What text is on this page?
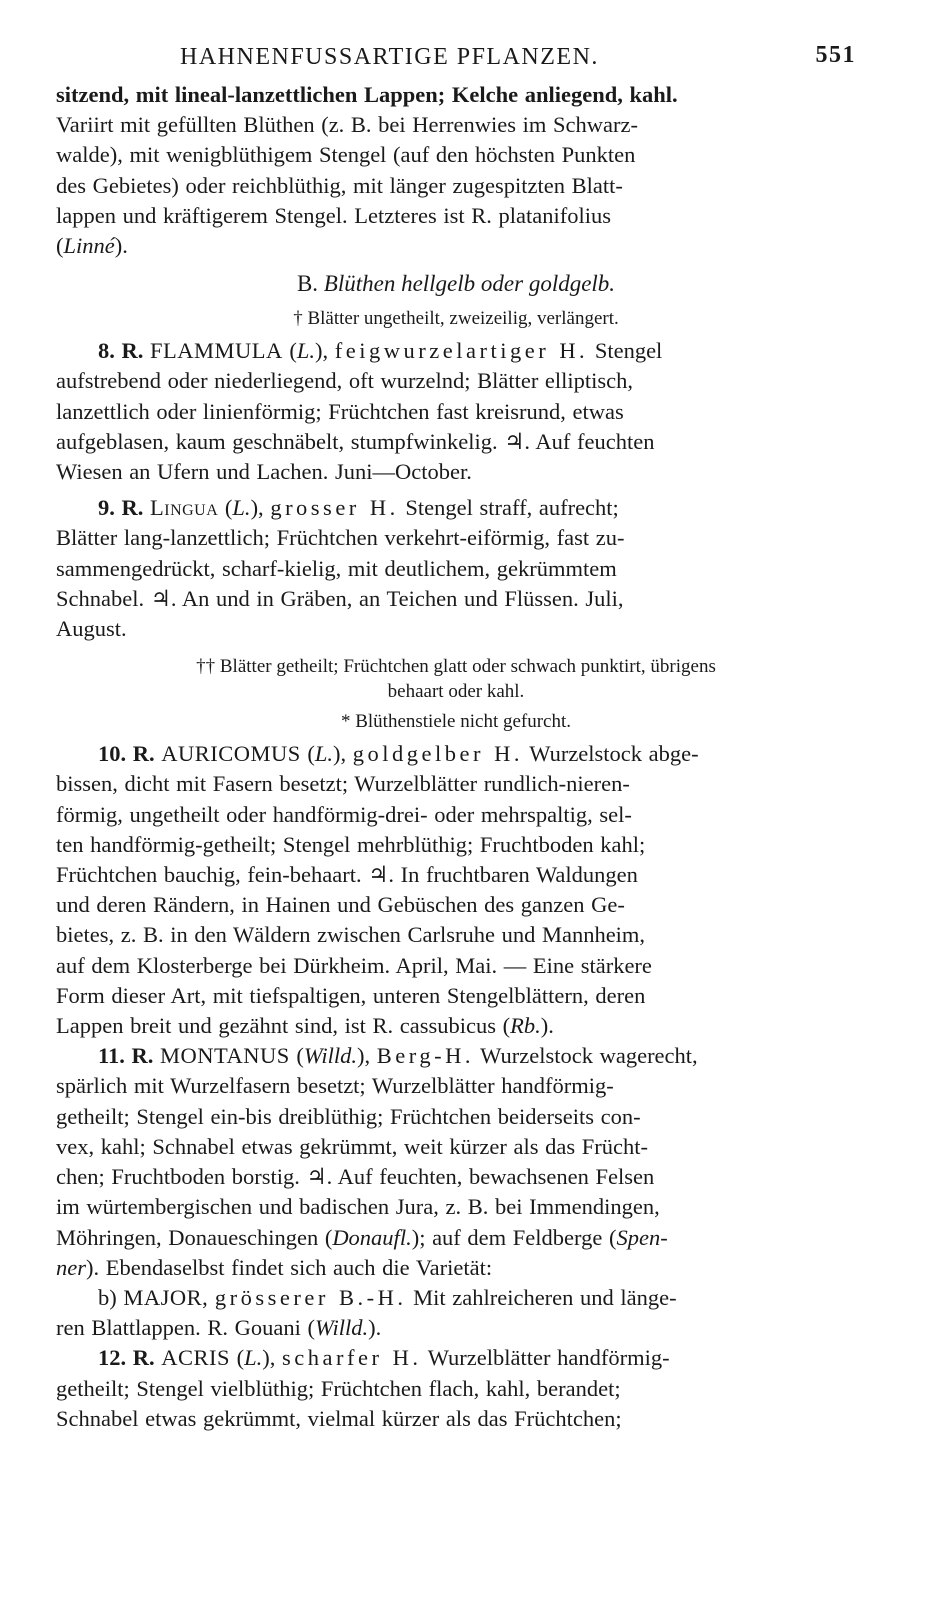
HAHNENFUSSARTIGE PFLANZEN.	551

sitzend, mit lineal-lanzettlichen Lappen; Kelche anliegend, kahl.
Variirt mit gefüllten Blüthen (z. B. bei Herrenwies im Schwarz-
walde), mit wenigblüthigem Stengel (auf den höchsten Punkten
des Gebietes) oder reichblüthig, mit länger zugespitzten Blatt-
lappen und kräftigerem Stengel. Letzteres ist R. platanifolius
(Linné).

B. Blüthen hellgelb oder goldgelb.

† Blätter ungetheilt, zweizeilig, verlängert.

8. R. FLAMMULA (L.), feigwurzelartiger H. Stengel
aufstrebend oder niederliegend, oft wurzelnd; Blätter elliptisch,
lanzettlich oder linienförmig; Früchtchen fast kreisrund, etwas
aufgeblasen, kaum geschnäbelt, stumpfwinkelig. ♃. Auf feuchten
Wiesen an Ufern und Lachen. Juni—October.

9. R. Lingua (L.), grosser H. Stengel straff, aufrecht;
Blätter lang-lanzettlich; Früchtchen verkehrt-eiförmig, fast zu-
sammengedrückt, scharf-kielig, mit deutlichem, gekrümmtem
Schnabel. ♃. An und in Gräben, an Teichen und Flüssen. Juli,
August.

†† Blätter getheilt; Früchtchen glatt oder schwach punktirt, übrigens
behaart oder kahl.

* Blüthenstiele nicht gefurcht.

10. R. AURICOMUS (L.), goldgelber H. Wurzelstock abge-
bissen, dicht mit Fasern besetzt; Wurzelblätter rundlich-nieren-
förmig, ungetheilt oder handförmig-drei- oder mehrspaltig, sel-
ten handförmig-getheilt; Stengel mehrblüthig; Fruchtboden kahl;
Früchtchen bauchig, fein-behaart. ♃. In fruchtbaren Waldungen
und deren Rändern, in Hainen und Gebüschen des ganzen Ge-
bietes, z. B. in den Wäldern zwischen Carlsruhe und Mannheim,
auf dem Klosterberge bei Dürkheim. April, Mai. — Eine stärkere
Form dieser Art, mit tiefspaltigen, unteren Stengelblättern, deren
Lappen breit und gezähnt sind, ist R. cassubicus (Rb.).

11. R. MONTANUS (Willd.), Berg-H. Wurzelstock wagerecht,
spärlich mit Wurzelfasern besetzt; Wurzelblätter handförmig-
getheilt; Stengel ein-bis dreiblüthig; Früchtchen beiderseits con-
vex, kahl; Schnabel etwas gekrümmt, weit kürzer als das Frücht-
chen; Fruchtboden borstig. ♃. Auf feuchten, bewachsenen Felsen
im würtembergischen und badischen Jura, z. B. bei Immendingen,
Möhringen, Donaueschingen (Donaufl.); auf dem Feldberge (Spen-
ner). Ebendaselbst findet sich auch die Varietät:

b) MAJOR, grösserer B.-H. Mit zahlreicheren und länge-
ren Blattlappen. R. Gouani (Willd.).

12. R. ACRIS (L.), scharfer H. Wurzelblätter handförmig-
getheilt; Stengel vielblüthig; Früchtchen flach, kahl, berandet;
Schnabel etwas gekrümmt, vielmal kürzer als das Früchtchen;
